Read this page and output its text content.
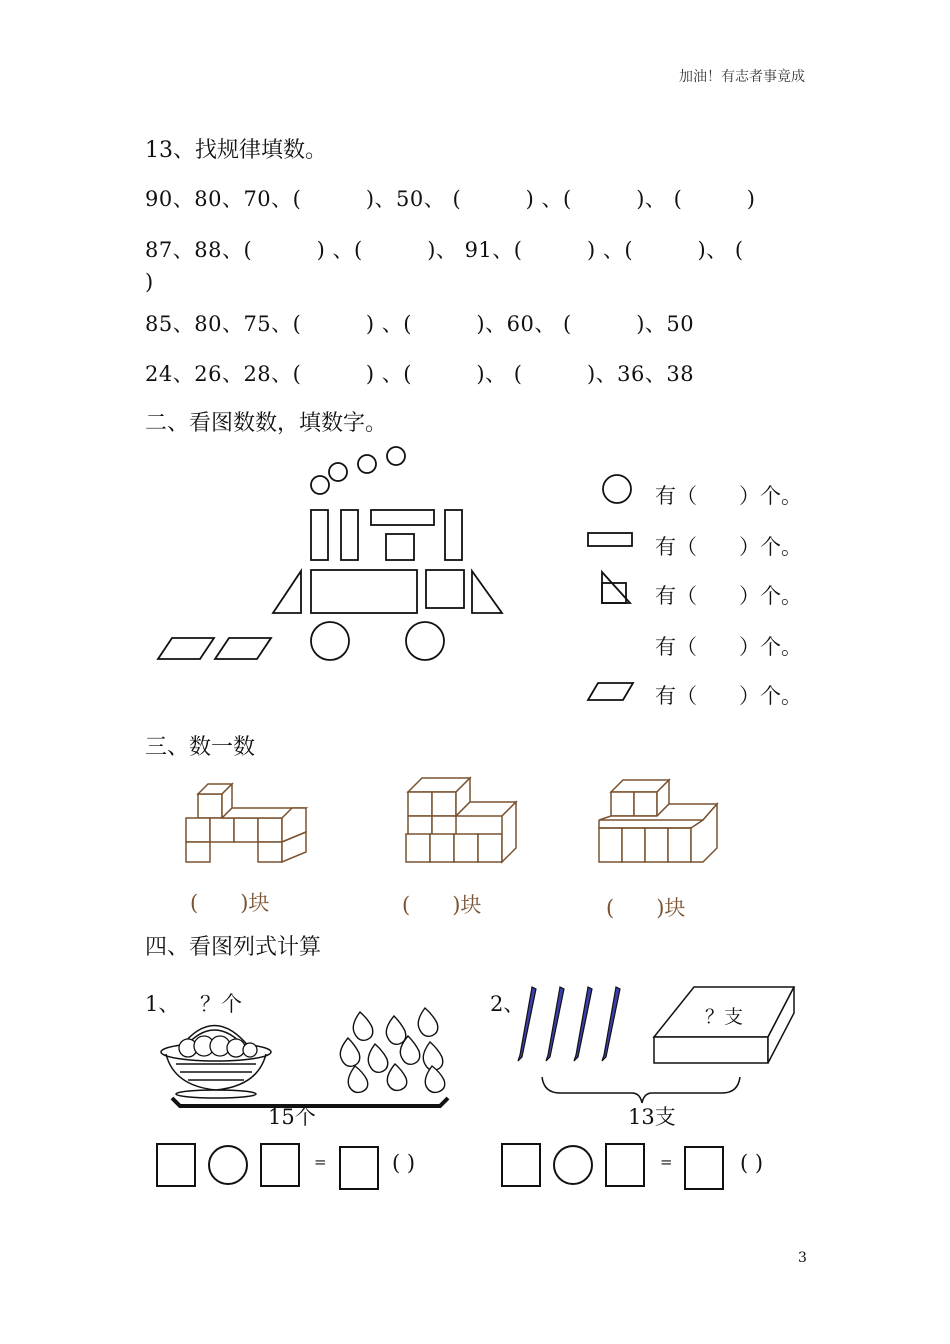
加油！有志者事竟成
13、找规律填数。
90、80、70、(　　　)、50、 (　　　) 、(　　　)、 (　　　)
87、88、(　　　) 、(　　　)、 91、(　　　) 、(　　　)、 (
)
85、80、75、(　　　) 、(　　　)、60、 (　　　)、50
24、26、28、(　　　) 、(　　　)、 (　　　)、36、38
二、看图数数，填数字。
有（　　）个。
有（　　）个。
有（　　）个。
有（　　）个。
有（　　）个。
三、数一数
(　　)块	(　　)块	(　　)块
四、看图列式计算
1、 ？个
15个
2、
？支
13支
=	( )	=	( )
3
